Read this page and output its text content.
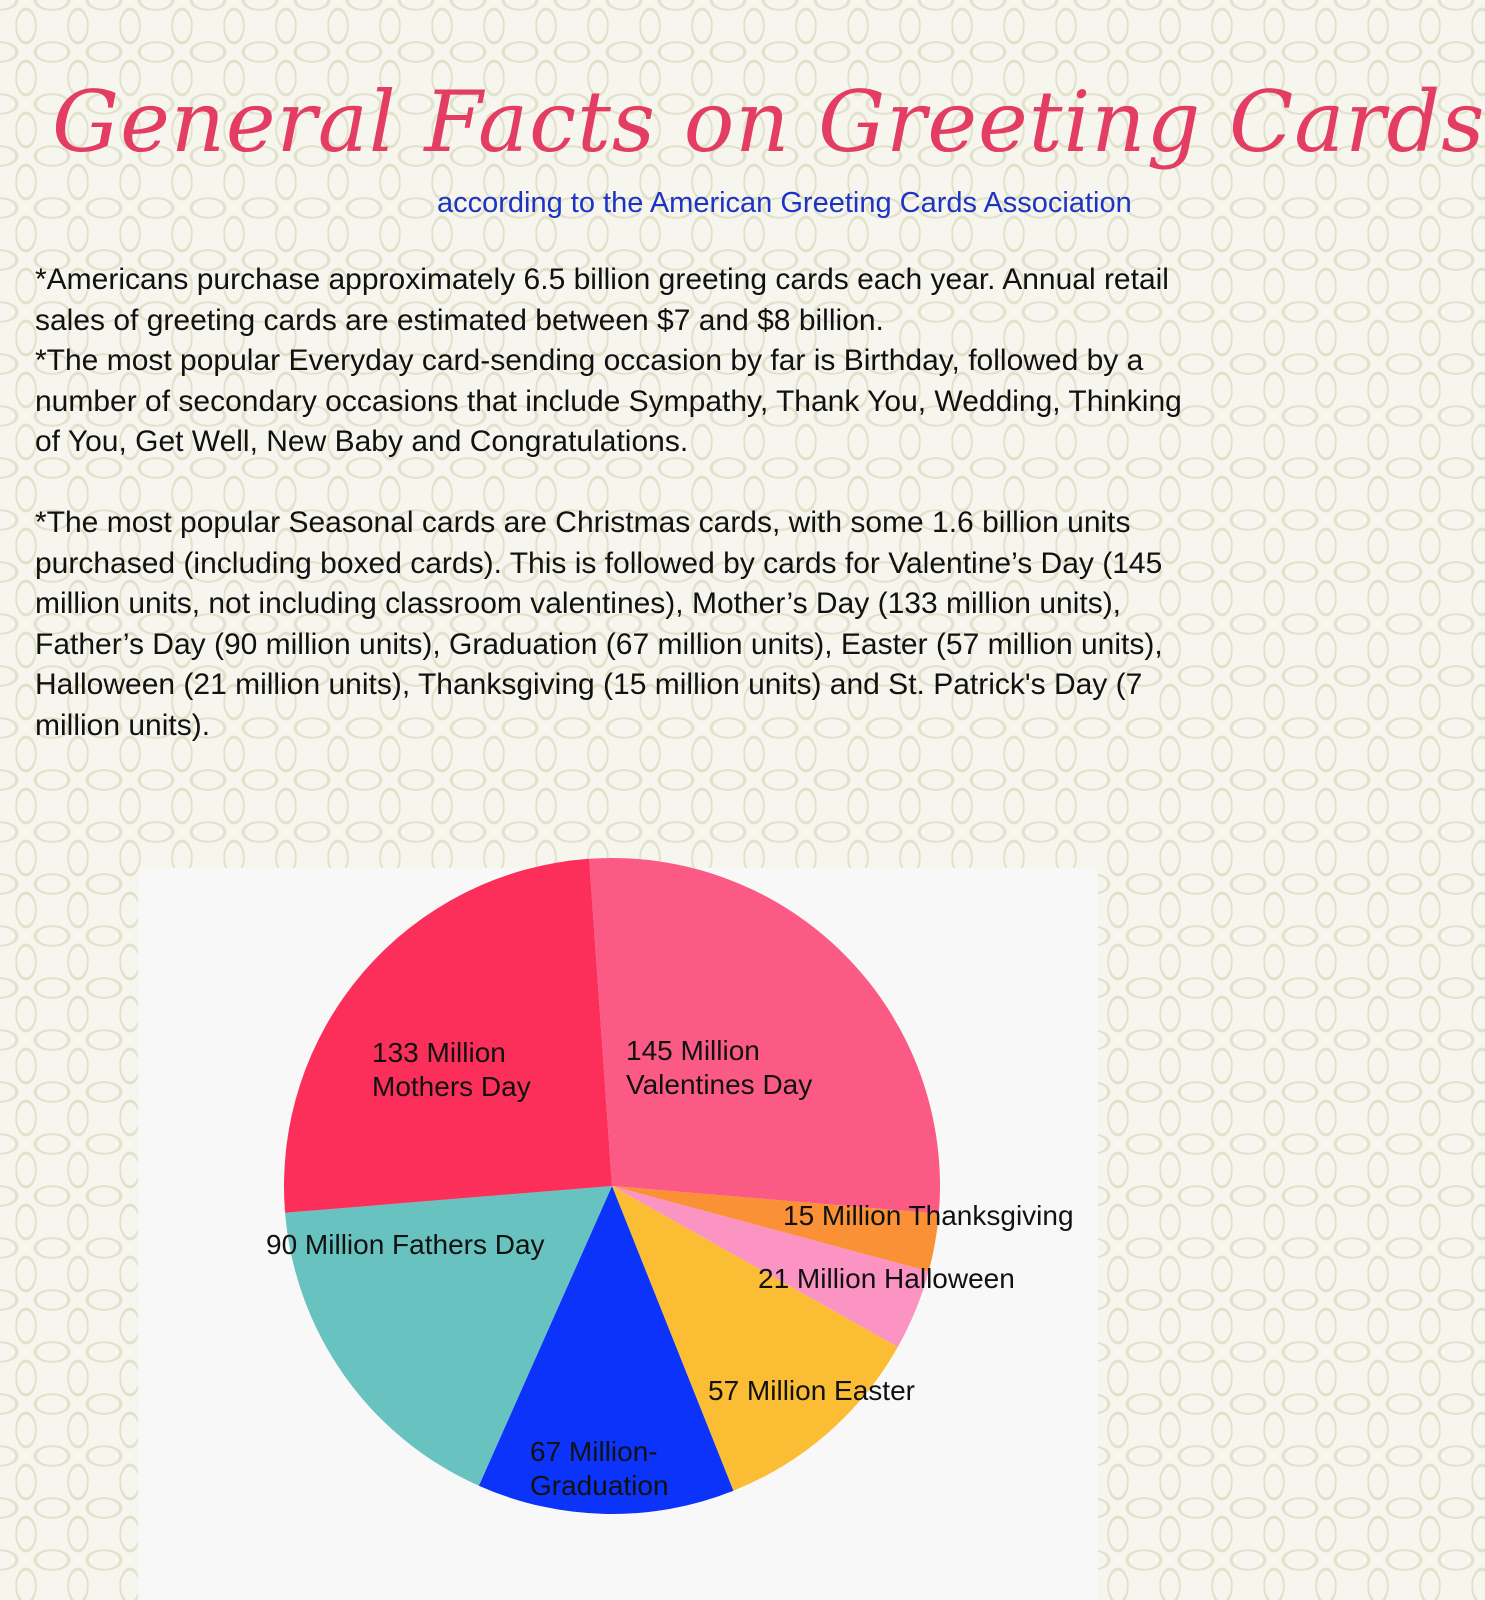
General Facts on Greeting Cards
according to the American Greeting Cards Association

*Americans purchase approximately 6.5 billion greeting cards each year. Annual retail sales of greeting cards are estimated between $7 and $8 billion.

*The most popular Everyday card-sending occasion by far is Birthday, followed by a number of secondary occasions that include Sympathy, Thank You, Wedding, Thinking of You, Get Well, New Baby and Congratulations.

*The most popular Seasonal cards are Christmas cards, with some 1.6 billion units purchased (including boxed cards). This is followed by cards for Valentine’s Day (145 million units, not including classroom valentines), Mother’s Day (133 million units), Father’s Day (90 million units), Graduation (67 million units), Easter (57 million units), Halloween (21 million units), Thanksgiving (15 million units) and St. Patrick's Day (7 million units).

145 Million Valentines Day
15 Million Thanksgiving
21 Million Halloween
57 Million Easter
67 Million-Graduation
90 Million Fathers Day
133 Million Mothers Day
